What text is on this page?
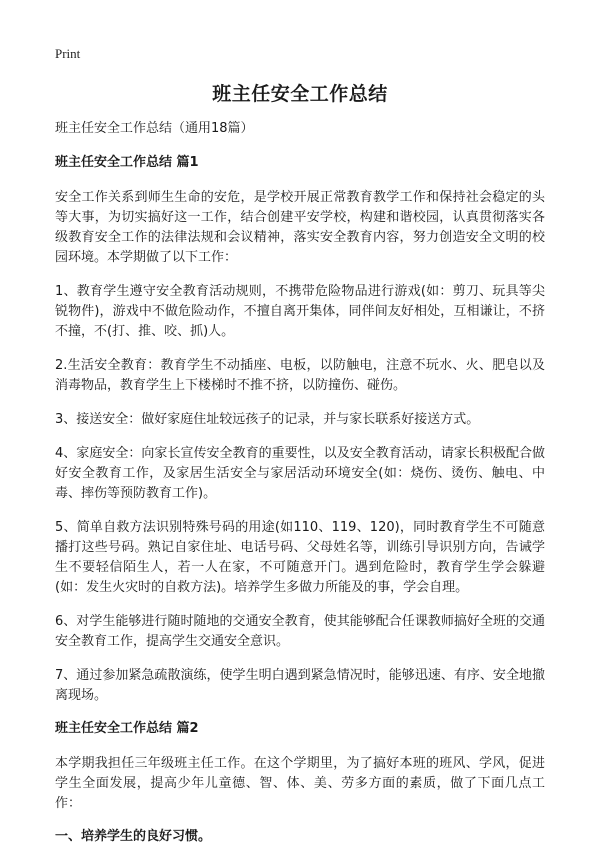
Print
班主任安全工作总结

班主任安全工作总结（通用18篇）

班主任安全工作总结 篇1

安全工作关系到师生生命的安危，是学校开展正常教育教学工作和保持社会稳定的头等大事，为切实搞好这一工作，结合创建平安学校，构建和谐校园，认真贯彻落实各级教育安全工作的法律法规和会议精神，落实安全教育内容，努力创造安全文明的校园环境。本学期做了以下工作：

1、教育学生遵守安全教育活动规则，不携带危险物品进行游戏(如：剪刀、玩具等尖锐物件)，游戏中不做危险动作，不擅自离开集体，同伴间友好相处，互相谦让，不挤不撞，不(打、推、咬、抓)人。

2.生活安全教育：教育学生不动插座、电板，以防触电，注意不玩水、火、肥皂以及消毒物品，教育学生上下楼梯时不推不挤，以防撞伤、碰伤。

3、接送安全：做好家庭住址较远孩子的记录，并与家长联系好接送方式。

4、家庭安全：向家长宣传安全教育的重要性，以及安全教育活动，请家长积极配合做好安全教育工作，及家居生活安全与家居活动环境安全(如：烧伤、烫伤、触电、中毒、摔伤等预防教育工作)。

5、简单自救方法识别特殊号码的用途(如110、119、120)，同时教育学生不可随意播打这些号码。熟记自家住址、电话号码、父母姓名等，训练引导识别方向，告诫学生不要轻信陌生人，若一人在家，不可随意开门。遇到危险时，教育学生学会躲避(如：发生火灾时的自救方法)。培养学生多做力所能及的事，学会自理。

6、对学生能够进行随时随地的交通安全教育，使其能够配合任课教师搞好全班的交通安全教育工作，提高学生交通安全意识。

7、通过参加紧急疏散演练，使学生明白遇到紧急情况时，能够迅速、有序、安全地撤离现场。

班主任安全工作总结 篇2

本学期我担任三年级班主任工作。在这个学期里，为了搞好本班的班风、学风，促进学生全面发展，提高少年儿童德、智、体、美、劳多方面的素质，做了下面几点工作：

一、培养学生的良好习惯。
